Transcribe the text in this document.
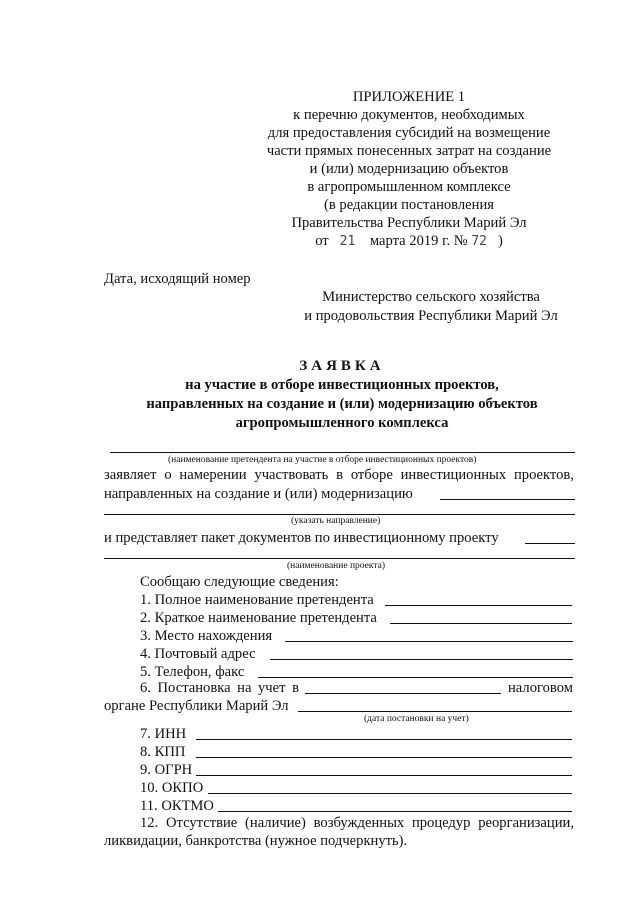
ПРИЛОЖЕНИЕ 1
к перечню документов, необходимых
для предоставления субсидий на возмещение
части прямых понесенных затрат на создание
и (или) модернизацию объектов
в агропромышленном комплексе
(в редакции постановления
Правительства Республики Марий Эл
от 21 марта 2019 г. № 72 )
Дата, исходящий номер
Министерство сельского хозяйства
и продовольствия Республики Марий Эл
ЗАЯВКА
на участие в отборе инвестиционных проектов,
направленных на создание и (или) модернизацию объектов
агропромышленного комплекса
(наименование претендента на участие в отборе инвестиционных проектов)
заявляет о намерении участвовать в отборе инвестиционных проектов,
направленных на создание и (или) модернизацию
(указать направление)
и представляет пакет документов по инвестиционному проекту
(наименование проекта)
Сообщаю следующие сведения:
1. Полное наименование претендента
2. Краткое наименование претендента
3. Место нахождения
4. Почтовый адрес
5. Телефон, факс
6. Постановка на учет в	налоговом
органе Республики Марий Эл
(дата постановки на учет)
7. ИНН
8. КПП
9. ОГРН
10. ОКПО
11. ОКТМО
12. Отсутствие (наличие) возбужденных процедур реорганизации,
ликвидации, банкротства (нужное подчеркнуть).
